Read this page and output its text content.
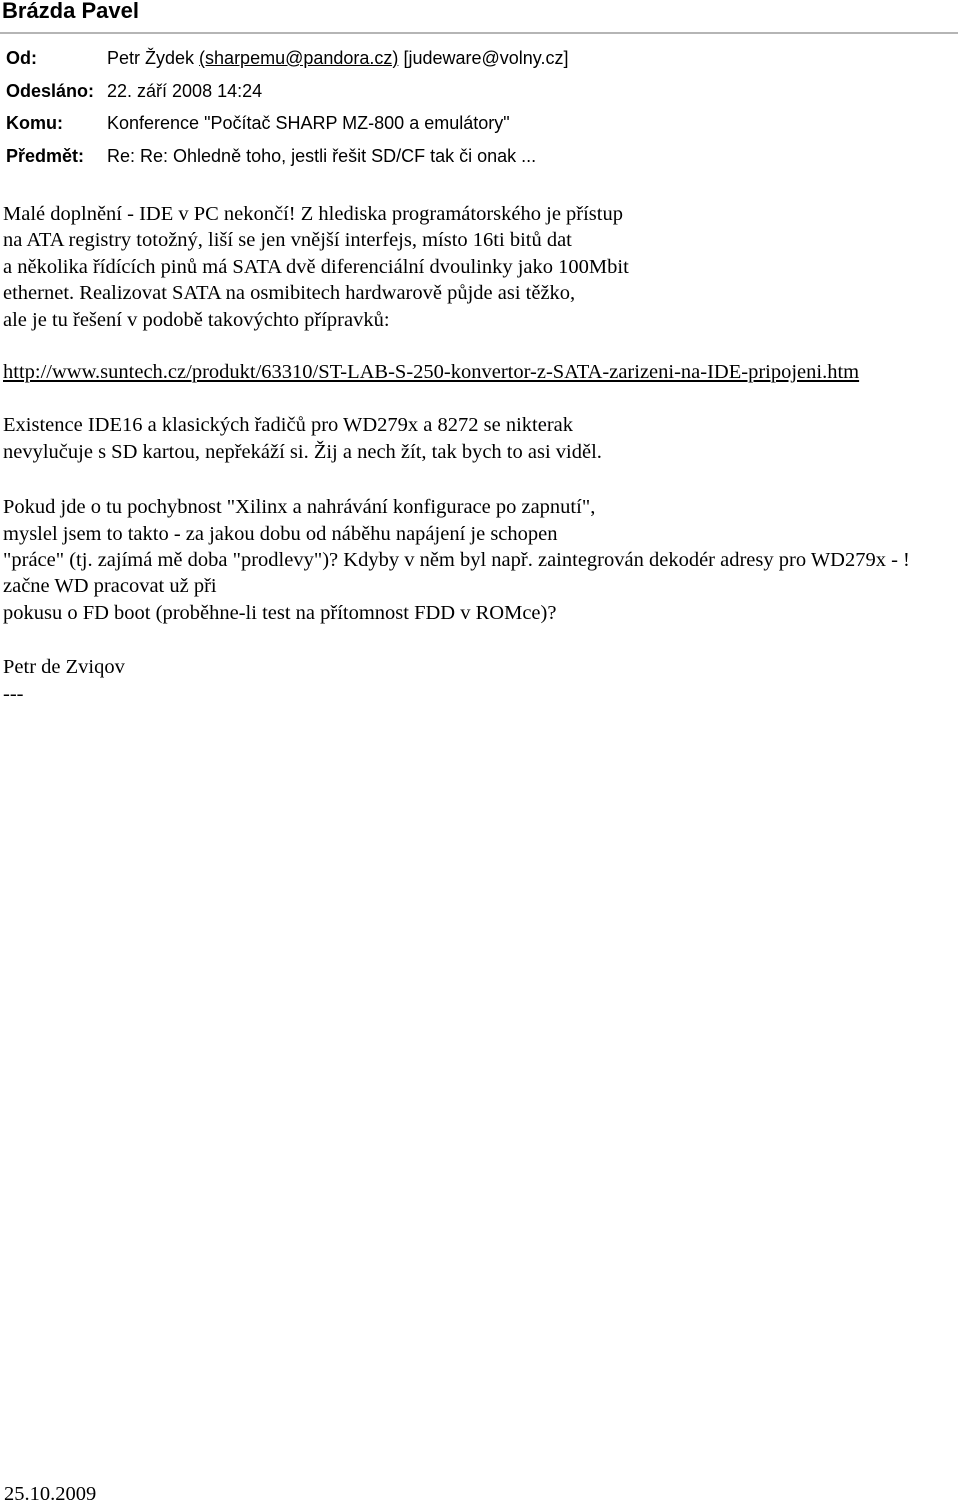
Brázda Pavel
Od:	Petr Žydek (sharpemu@pandora.cz) [judeware@volny.cz]
Odesláno: 22. září 2008 14:24
Komu: Konference "Počítač SHARP MZ-800 a emulátory"
Předmět: Re: Re: Ohledně toho, jestli řešit SD/CF tak či onak ...

Malé doplnění - IDE v PC nekončí! Z hlediska programátorského je přístup

na ATA registry totožný, liší se jen vnější interfejs, místo 16ti bitů dat

a několika řídících pinů má SATA dvě diferenciální dvoulinky jako 100Mbit

ethernet. Realizovat SATA na osmibitech hardwarově půjde asi těžko,

ale je tu řešení v podobě takovýchto přípravků:

http://www.suntech.cz/produkt/63310/ST-LAB-S-250-konvertor-z-SATA-zarizeni-na-IDE-pripojeni.htm

Existence IDE16 a klasických řadičů pro WD279x a 8272 se nikterak

nevylučuje s SD kartou, nepřekáží si. Žij a nech žít, tak bych to asi viděl.

Pokud jde o tu pochybnost "Xilinx a nahrávání konfigurace po zapnutí",

myslel jsem to takto - za jakou dobu od náběhu napájení je schopen

"práce" (tj. zajímá mě doba "prodlevy")? Kdyby v něm byl např. zaintegrován dekodér adresy pro WD279x - ! začne WD pracovat už při

pokusu o FD boot (proběhne-li test na přítomnost FDD v ROMce)?

Petr de Zviqov

---

25.10.2009
